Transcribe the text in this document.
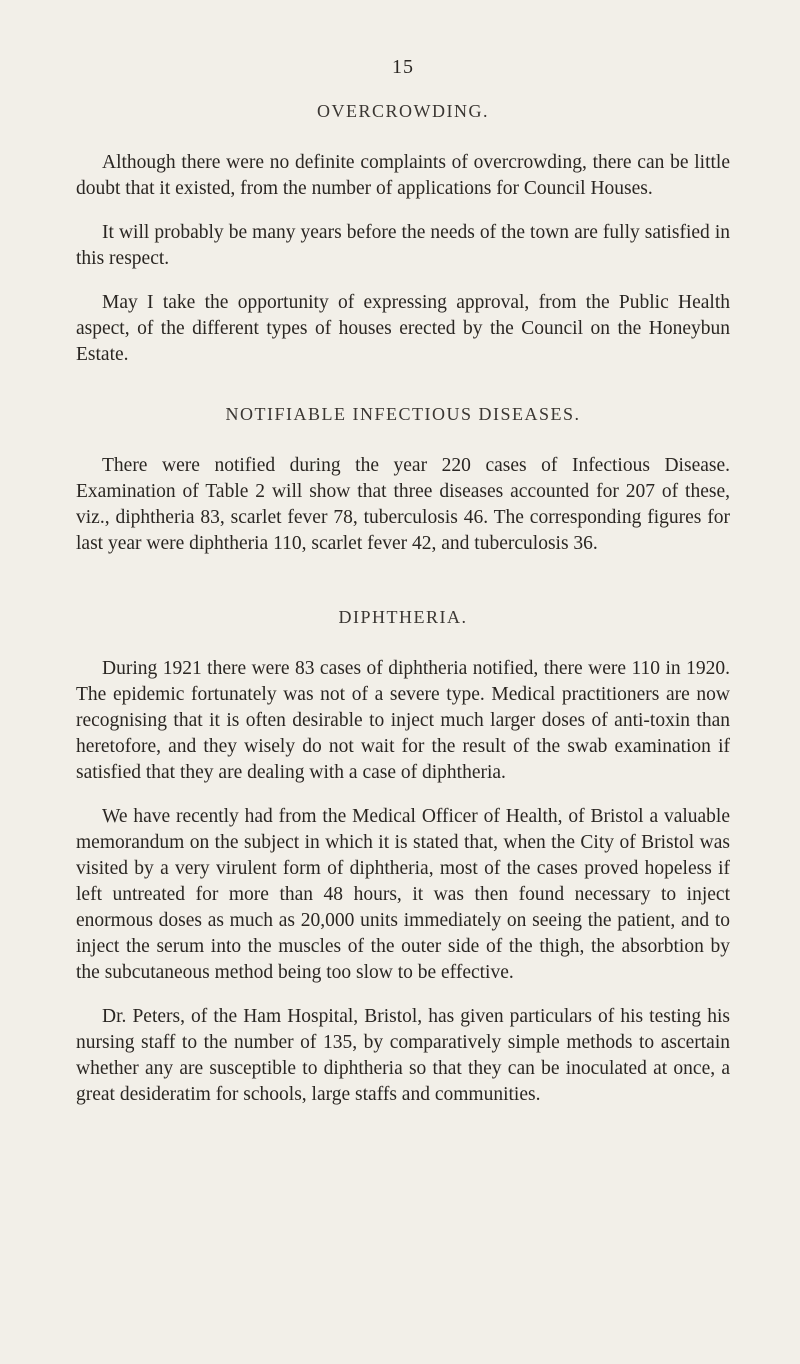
15
OVERCROWDING.

Although there were no definite complaints of overcrowding, there can be little doubt that it existed, from the number of applications for Council Houses.

It will probably be many years before the needs of the town are fully satisfied in this respect.

May I take the opportunity of expressing approval, from the Public Health aspect, of the different types of houses erected by the Council on the Honeybun Estate.

NOTIFIABLE INFECTIOUS DISEASES.

There were notified during the year 220 cases of Infectious Disease. Examination of Table 2 will show that three diseases accounted for 207 of these, viz., diphtheria 83, scarlet fever 78, tuberculosis 46. The corresponding figures for last year were diphtheria 110, scarlet fever 42, and tuberculosis 36.

DIPHTHERIA.

During 1921 there were 83 cases of diphtheria notified, there were 110 in 1920. The epidemic fortunately was not of a severe type. Medical practitioners are now recognising that it is often desirable to inject much larger doses of anti-toxin than heretofore, and they wisely do not wait for the result of the swab examination if satisfied that they are dealing with a case of diphtheria.

We have recently had from the Medical Officer of Health, of Bristol a valuable memorandum on the subject in which it is stated that, when the City of Bristol was visited by a very virulent form of diphtheria, most of the cases proved hopeless if left untreated for more than 48 hours, it was then found necessary to inject enormous doses as much as 20,000 units immediately on seeing the patient, and to inject the serum into the muscles of the outer side of the thigh, the absorbtion by the subcutaneous method being too slow to be effective.

Dr. Peters, of the Ham Hospital, Bristol, has given particulars of his testing his nursing staff to the number of 135, by comparatively simple methods to ascertain whether any are susceptible to diphtheria so that they can be inoculated at once, a great desideratim for schools, large staffs and communities.
